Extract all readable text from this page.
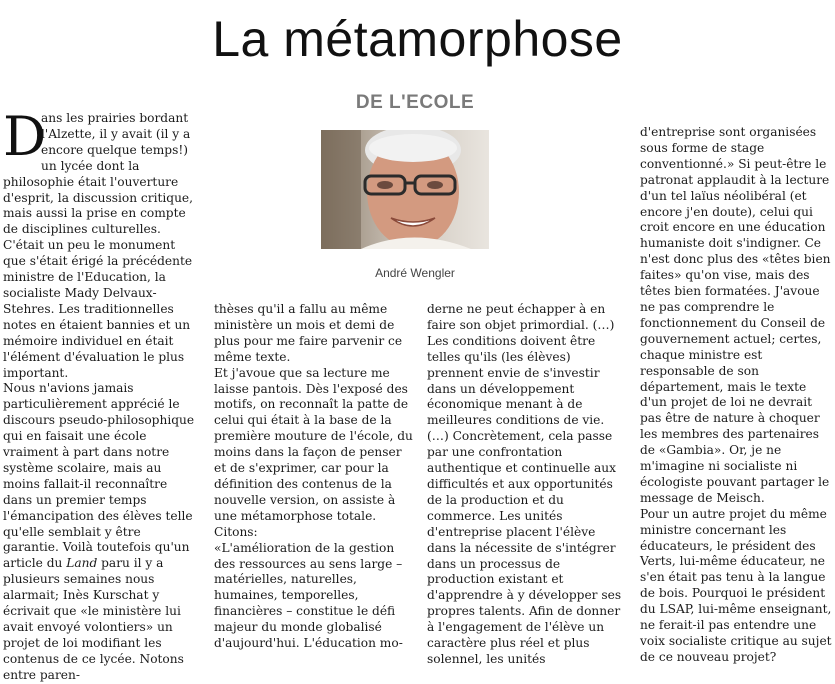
La métamorphose
DE L'ECOLE
André Wengler
D

ans les prairies bordant l'Alzette, il y avait (il y a encore quelque temps!) un lycée dont la philosophie était l'ouverture d'esprit, la discussion critique, mais aussi la prise en compte de disciplines culturelles. C'était un peu le monument que s'était érigé la précédente ministre de l'Education, la socialiste Mady Delvaux-Stehres. Les traditionnelles notes en étaient bannies et un mémoire individuel en était l'élément d'évaluation le plus important.

Nous n'avions jamais particulièrement apprécié le discours pseudo-philosophique qui en faisait une école vraiment à part dans notre système scolaire, mais au moins fallait-il reconnaître dans un premier temps l'émancipation des élèves telle qu'elle semblait y être garantie. Voilà toutefois qu'un article du Land paru il y a plusieurs semaines nous alarmait; Inès Kurschat y écrivait que «le ministère lui avait envoyé volontiers» un projet de loi modifiant les contenus de ce lycée. Notons entre paren-

thèses qu'il a fallu au même ministère un mois et demi de plus pour me faire parvenir ce même texte.

Et j'avoue que sa lecture me laisse pantois. Dès l'exposé des motifs, on reconnaît la patte de celui qui était à la base de la première mouture de l'école, du moins dans la façon de penser et de s'exprimer, car pour la définition des contenus de la nouvelle version, on assiste à une métamorphose totale. Citons:

«L'amélioration de la gestion des ressources au sens large – matérielles, naturelles, humaines, temporelles, financières – constitue le défi majeur du monde globalisé d'aujourd'hui. L'éducation mo-

derne ne peut échapper à en faire son objet primordial. (…) Les conditions doivent être telles qu'ils (les élèves) prennent envie de s'investir dans un développement économique menant à de meilleures conditions de vie. (…) Concrètement, cela passe par une confrontation authentique et continuelle aux difficultés et aux opportunités de la production et du commerce. Les unités d'entreprise placent l'élève dans la nécessite de s'intégrer dans un processus de production existant et d'apprendre à y développer ses propres talents. Afin de donner à l'engagement de l'élève un caractère plus réel et plus solennel, les unités

d'entreprise sont organisées sous forme de stage conventionné.» Si peut-être le patronat applaudit à la lecture d'un tel laïus néolibéral (et encore j'en doute), celui qui croit encore en une éducation humaniste doit s'indigner. Ce n'est donc plus des «têtes bien faites» qu'on vise, mais des têtes bien formatées. J'avoue ne pas comprendre le fonctionnement du Conseil de gouvernement actuel; certes, chaque ministre est responsable de son département, mais le texte d'un projet de loi ne devrait pas être de nature à choquer les membres des partenaires de «Gambia». Or, je ne m'imagine ni socialiste ni écologiste pouvant partager le message de Meisch.

Pour un autre projet du même ministre concernant les éducateurs, le président des Verts, lui-même éducateur, ne s'en était pas tenu à la langue de bois. Pourquoi le président du LSAP, lui-même enseignant, ne ferait-il pas entendre une voix socialiste critique au sujet de ce nouveau projet?
